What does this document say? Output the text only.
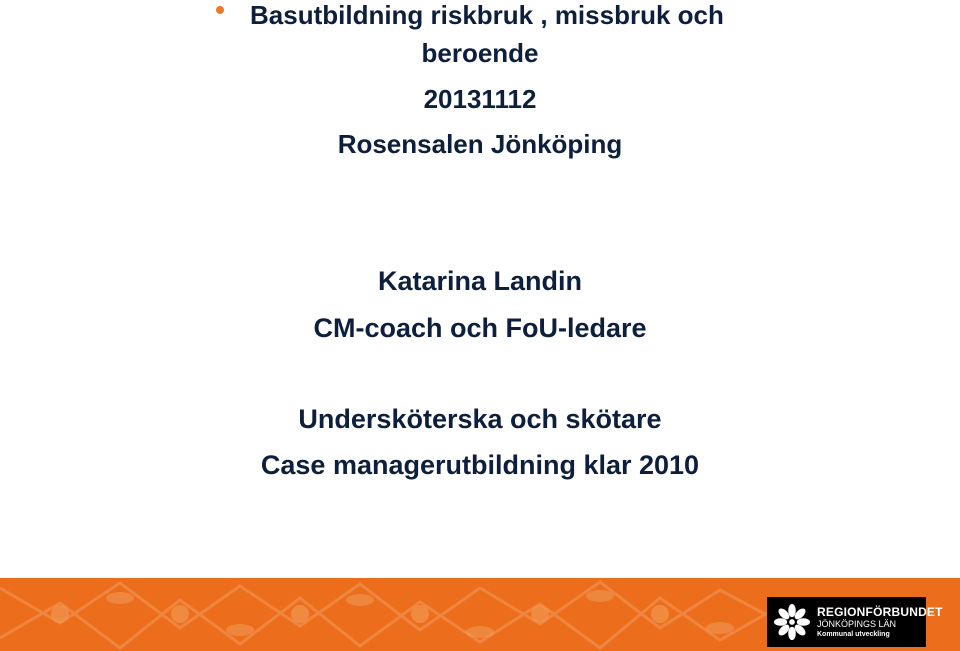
Basutbildning riskbruk , missbruk och
beroende
20131112
Rosensalen Jönköping
Katarina Landin
CM-coach och FoU-ledare
Undersköterska och skötare
Case managerutbildning klar 2010
REGIONFÖRBUNDET
JÖNKÖPINGS LÄN
Kommunal utveckling
